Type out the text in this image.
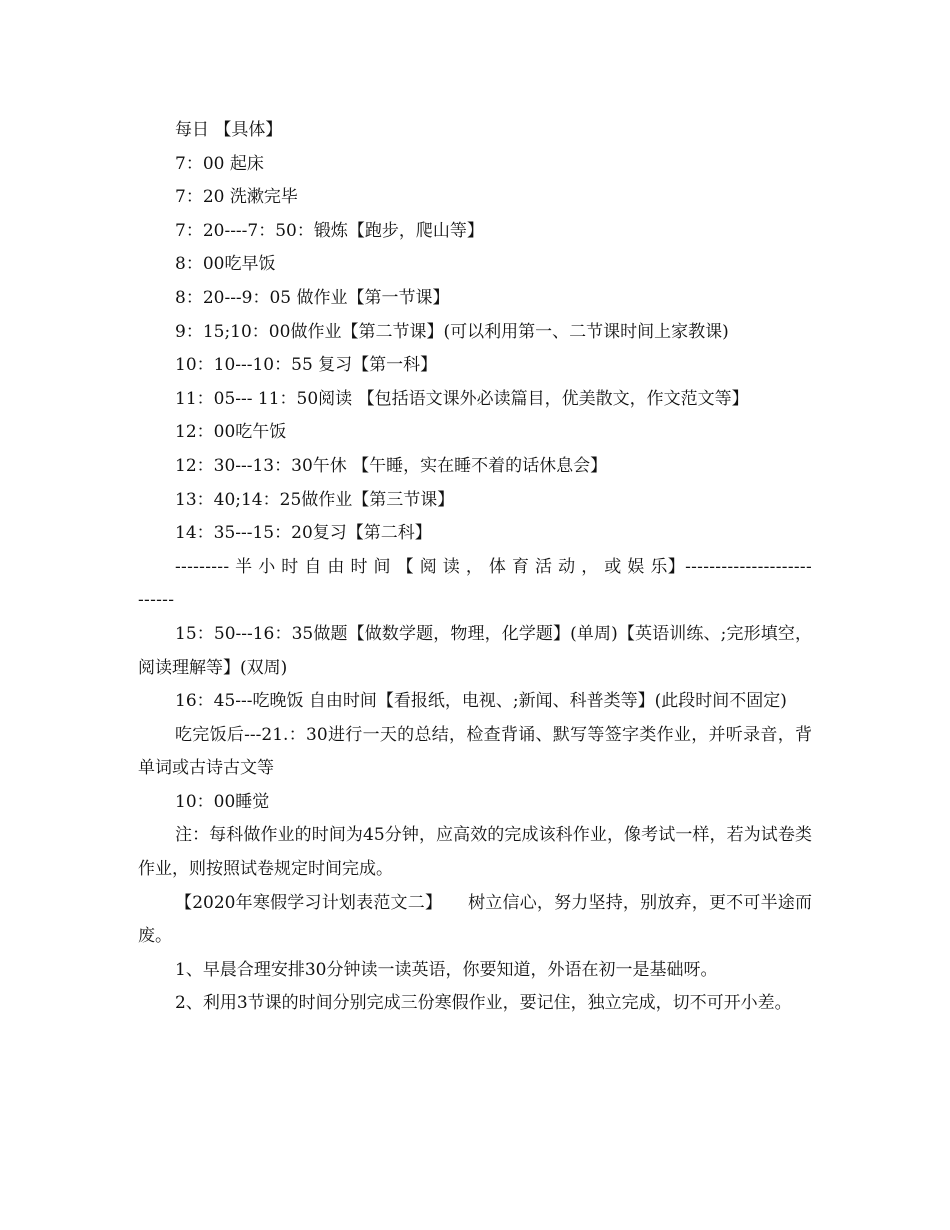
每日 【具体】

7：00 起床

7：20 洗漱完毕

7：20----7：50：锻炼【跑步，爬山等】

8：00吃早饭

8：20---9：05 做作业【第一节课】

9：15;10：00做作业【第二节课】(可以利用第一、二节课时间上家教课)

10：10---10：55 复习【第一科】

11：05--- 11：50阅读 【包括语文课外必读篇目，优美散文，作文范文等】

12：00吃午饭

12：30---13：30午休 【午睡，实在睡不着的话休息会】

13：40;14：25做作业【第三节课】

14：35---15：20复习【第二科】

--------- 半 小 时 自 由 时 间 【 阅 读 ， 体 育 活 动 ， 或 娱 乐】---------------------------

15：50---16：35做题【做数学题，物理，化学题】(单周)【英语训练、;完形填空，阅读理解等】(双周)

16：45---吃晚饭 自由时间【看报纸，电视、;新闻、科普类等】(此段时间不固定)

吃完饭后---21.：30进行一天的总结，检查背诵、默写等签字类作业，并听录音，背单词或古诗古文等

10：00睡觉

注：每科做作业的时间为45分钟，应高效的完成该科作业，像考试一样，若为试卷类作业，则按照试卷规定时间完成。

【2020年寒假学习计划表范文二】　　树立信心，努力坚持，别放弃，更不可半途而废。

1、早晨合理安排30分钟读一读英语，你要知道，外语在初一是基础呀。

2、利用3节课的时间分别完成三份寒假作业，要记住，独立完成，切不可开小差。
